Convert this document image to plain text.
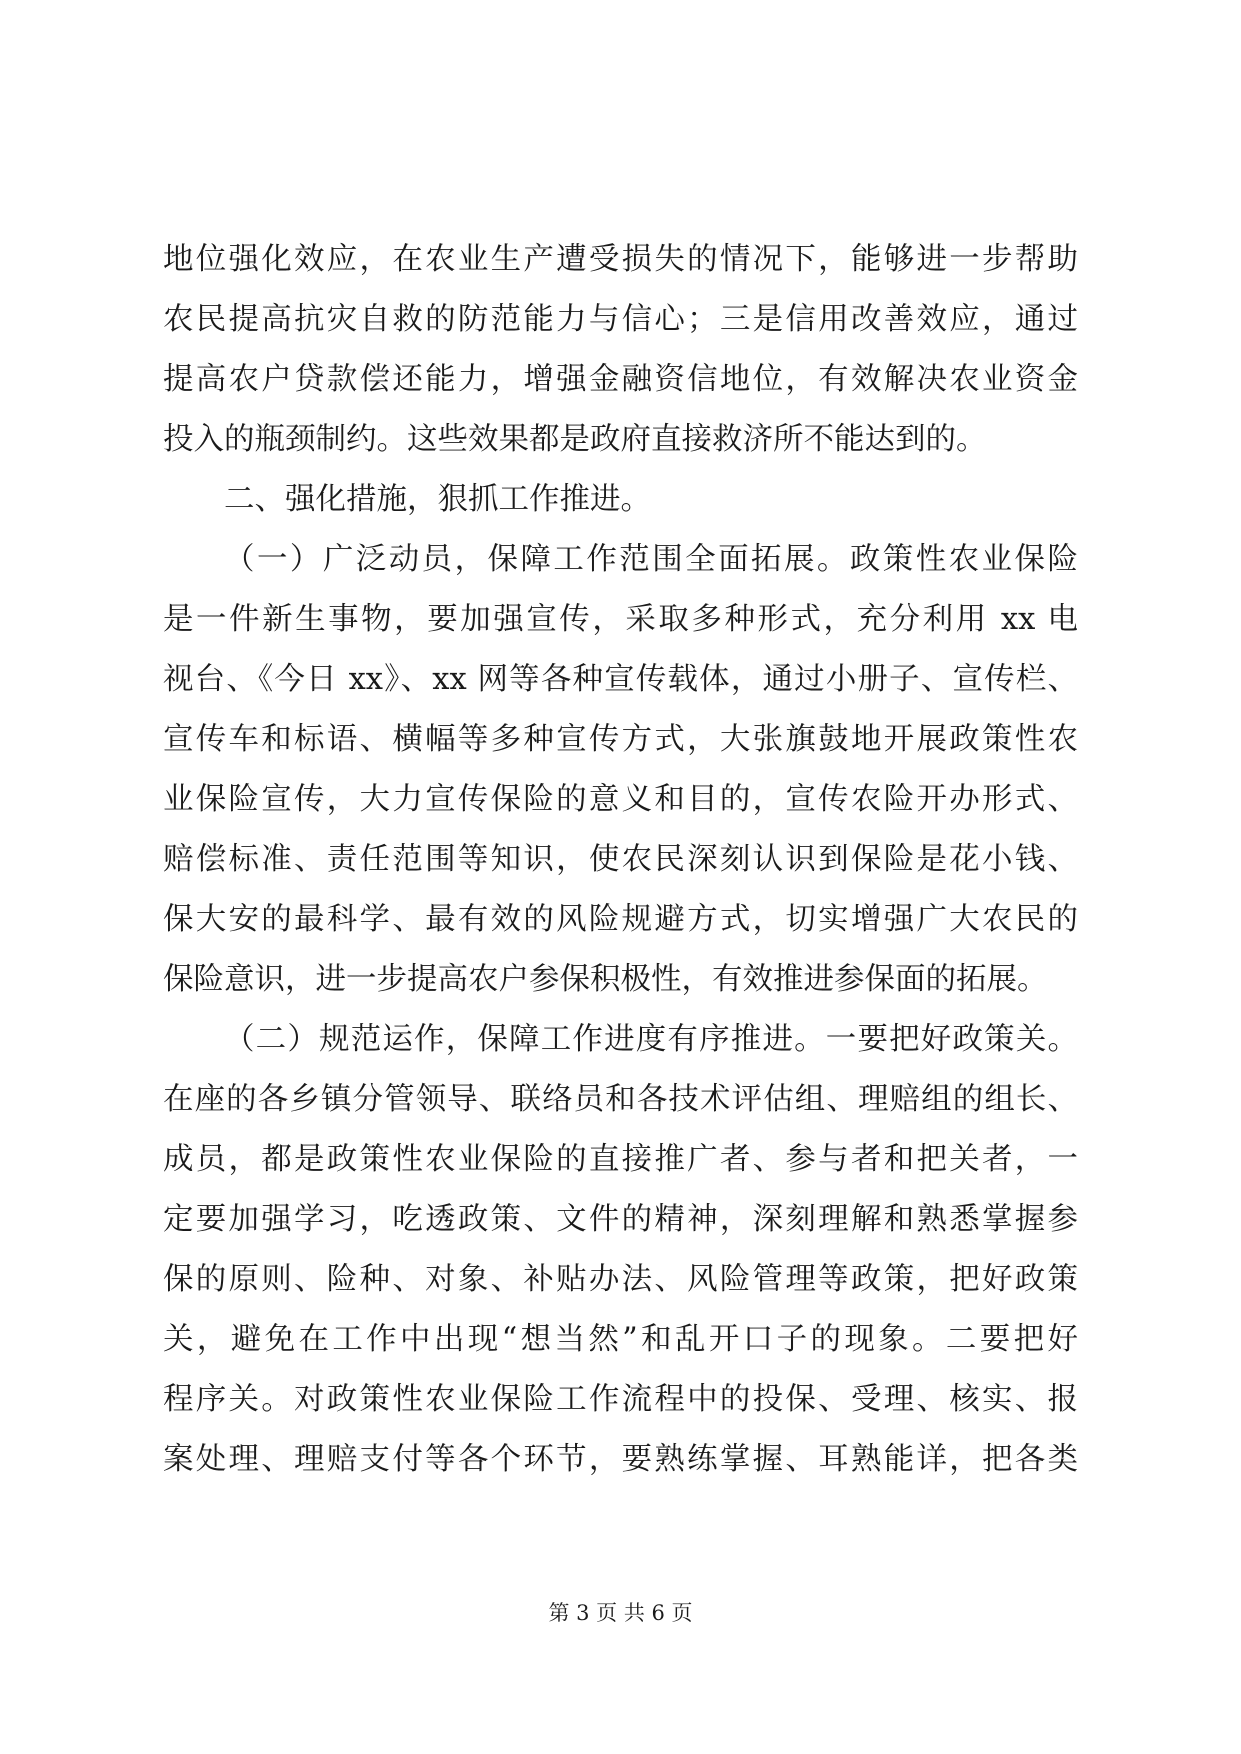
地位强化效应，在农业生产遭受损失的情况下，能够进一步帮助
农民提高抗灾自救的防范能力与信心；三是信用改善效应，通过
提高农户贷款偿还能力，增强金融资信地位，有效解决农业资金
投入的瓶颈制约。这些效果都是政府直接救济所不能达到的。
二、强化措施，狠抓工作推进。
（一）广泛动员，保障工作范围全面拓展。政策性农业保险
是一件新生事物，要加强宣传，采取多种形式，充分利用 xx 电
视台、《今日 xx》、xx 网等各种宣传载体，通过小册子、宣传栏、
宣传车和标语、横幅等多种宣传方式，大张旗鼓地开展政策性农
业保险宣传，大力宣传保险的意义和目的，宣传农险开办形式、
赔偿标准、责任范围等知识，使农民深刻认识到保险是花小钱、
保大安的最科学、最有效的风险规避方式，切实增强广大农民的
保险意识，进一步提高农户参保积极性，有效推进参保面的拓展。
（二）规范运作，保障工作进度有序推进。一要把好政策关。
在座的各乡镇分管领导、联络员和各技术评估组、理赔组的组长、
成员，都是政策性农业保险的直接推广者、参与者和把关者，一
定要加强学习，吃透政策、文件的精神，深刻理解和熟悉掌握参
保的原则、险种、对象、补贴办法、风险管理等政策，把好政策
关，避免在工作中出现“想当然”和乱开口子的现象。二要把好
程序关。对政策性农业保险工作流程中的投保、受理、核实、报
案处理、理赔支付等各个环节，要熟练掌握、耳熟能详，把各类
第 3 页 共 6 页
